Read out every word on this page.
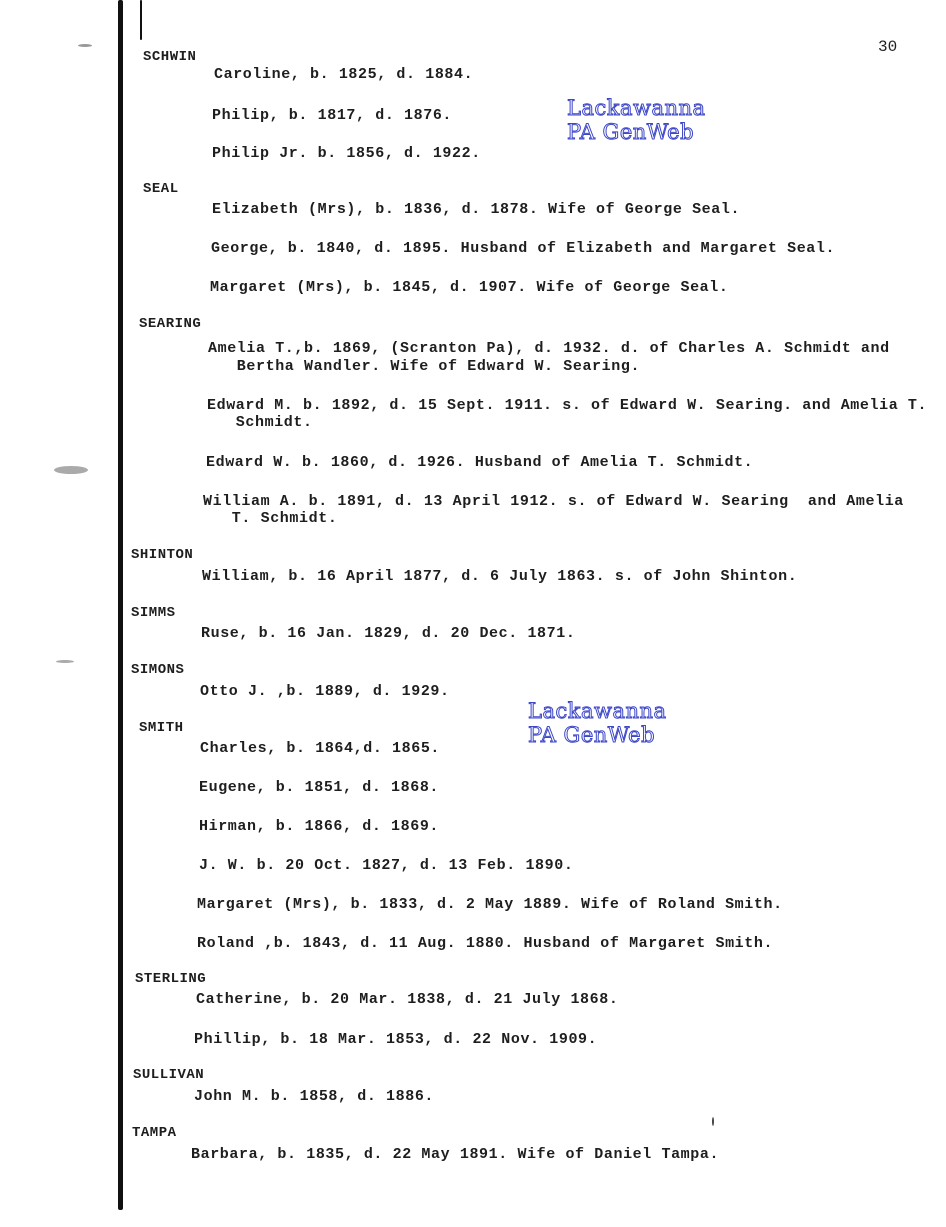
30
Lackawanna
PA GenWeb
Lackawanna
PA GenWeb
SCHWIN
Caroline, b. 1825, d. 1884.
Philip, b. 1817, d. 1876.
Philip Jr. b. 1856, d. 1922.
SEAL
Elizabeth (Mrs), b. 1836, d. 1878. Wife of George Seal.
George, b. 1840, d. 1895. Husband of Elizabeth and Margaret Seal.
Margaret (Mrs), b. 1845, d. 1907. Wife of George Seal.
SEARING
Amelia T.,b. 1869, (Scranton Pa), d. 1932. d. of Charles A. Schmidt and
Bertha Wandler. Wife of Edward W. Searing.
Edward M. b. 1892, d. 15 Sept. 1911. s. of Edward W. Searing. and Amelia T.
Schmidt.
Edward W. b. 1860, d. 1926. Husband of Amelia T. Schmidt.
William A. b. 1891, d. 13 April 1912. s. of Edward W. Searing  and Amelia
T. Schmidt.
SHINTON
William, b. 16 April 1877, d. 6 July 1863. s. of John Shinton.
SIMMS
Ruse, b. 16 Jan. 1829, d. 20 Dec. 1871.
SIMONS
Otto J. ,b. 1889, d. 1929.
SMITH
Charles, b. 1864,d. 1865.
Eugene, b. 1851, d. 1868.
Hirman, b. 1866, d. 1869.
J. W. b. 20 Oct. 1827, d. 13 Feb. 1890.
Margaret (Mrs), b. 1833, d. 2 May 1889. Wife of Roland Smith.
Roland ,b. 1843, d. 11 Aug. 1880. Husband of Margaret Smith.
STERLING
Catherine, b. 20 Mar. 1838, d. 21 July 1868.
Phillip, b. 18 Mar. 1853, d. 22 Nov. 1909.
SULLIVAN
John M. b. 1858, d. 1886.
TAMPA
Barbara, b. 1835, d. 22 May 1891. Wife of Daniel Tampa.
